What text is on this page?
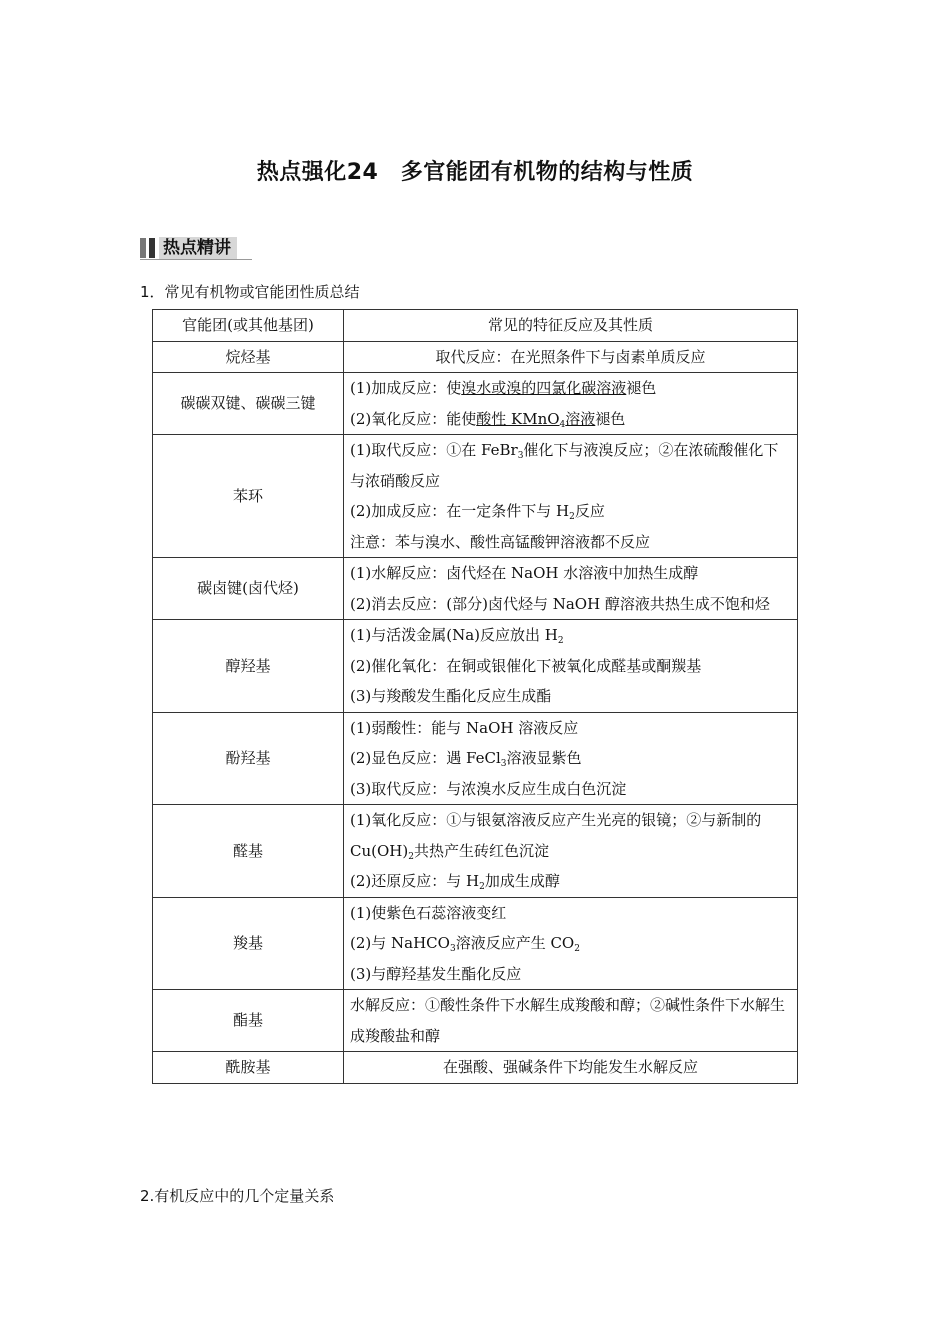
热点强化24　多官能团有机物的结构与性质
热点精讲
1．常见有机物或官能团性质总结
官能团(或其他基团)	常见的特征反应及其性质
烷烃基	取代反应：在光照条件下与卤素单质反应
碳碳双键、碳碳三键	(1)加成反应：使溴水或溴的四氯化碳溶液褪色
(2)氧化反应：能使酸性 KMnO$_4$溶液褪色

苯环	(1)取代反应：①在 FeBr$_3$催化下与液溴反应；②在浓硫酸催化下与浓硝酸反应
(2)加成反应：在一定条件下与 $H_2$反应
注意：苯与溴水、酸性高锰酸钾溶液都不反应

碳卤键(卤代烃)	(1)水解反应：卤代烃在 NaOH 水溶液中加热生成醇
(2)消去反应：(部分)卤代烃与 NaOH 醇溶液共热生成不饱和烃

醇羟基	(1)与活泼金属(Na)反应放出 $H_2$
(2)催化氧化：在铜或银催化下被氧化成醛基或酮羰基
(3)与羧酸发生酯化反应生成酯

酚羟基	(1)弱酸性：能与 NaOH 溶液反应
(2)显色反应：遇 FeCl$_3$溶液显紫色
(3)取代反应：与浓溴水反应生成白色沉淀

醛基	(1)氧化反应：①与银氨溶液反应产生光亮的银镜；②与新制的 $Cu(OH)_2$共热产生砖红色沉淀
(2)还原反应：与 $H_2$加成生成醇

羧基	(1)使紫色石蕊溶液变红
(2)与 NaHCO$_3$溶液反应产生 $CO_2$
(3)与醇羟基发生酯化反应

酯基	水解反应：①酸性条件下水解生成羧酸和醇；②碱性条件下水解生成羧酸盐和醇
酰胺基	在强酸、强碱条件下均能发生水解反应
2.有机反应中的几个定量关系
